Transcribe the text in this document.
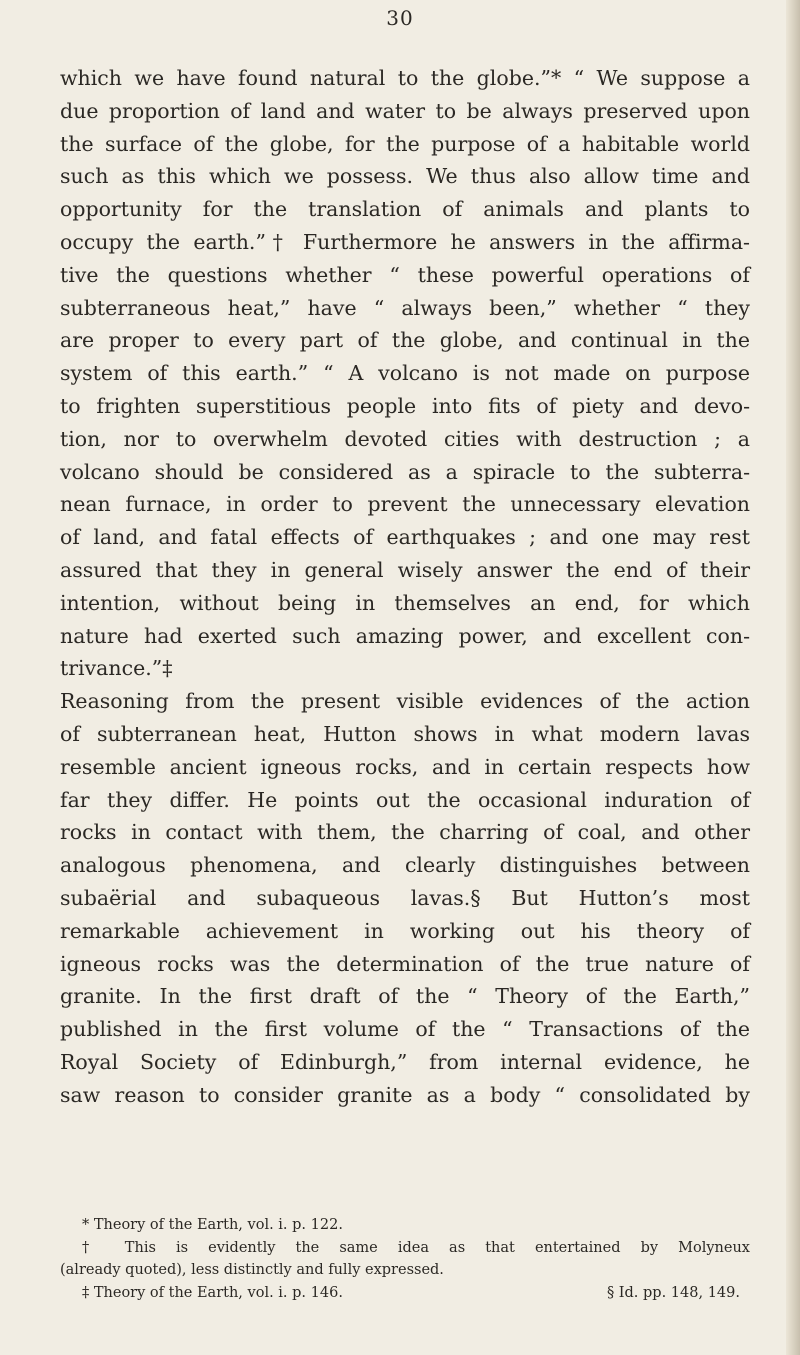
30
which we have found natural to the globe.”* “ We suppose a
due proportion of land and water to be always preserved upon
the surface of the globe, for the purpose of a habitable world
such as this which we possess. We thus also allow time and
opportunity for the translation of animals and plants to
occupy the earth.”† Furthermore he answers in the affirma-
tive the questions whether “ these powerful operations of
subterraneous heat,” have “ always been,” whether “ they
are proper to every part of the globe, and continual in the
system of this earth.” “ A volcano is not made on purpose
to frighten superstitious people into fits of piety and devo-
tion, nor to overwhelm devoted cities with destruction ; a
volcano should be considered as a spiracle to the subterra-
nean furnace, in order to prevent the unnecessary elevation
of land, and fatal effects of earthquakes ; and one may rest
assured that they in general wisely answer the end of their
intention, without being in themselves an end, for which
nature had exerted such amazing power, and excellent con-
trivance.”‡
Reasoning from the present visible evidences of the action
of subterranean heat, Hutton shows in what modern lavas
resemble ancient igneous rocks, and in certain respects how
far they differ. He points out the occasional induration of
rocks in contact with them, the charring of coal, and other
analogous phenomena, and clearly distinguishes between
subaërial and subaqueous lavas.§ But Hutton’s most
remarkable achievement in working out his theory of
igneous rocks was the determination of the true nature of
granite. In the first draft of the “ Theory of the Earth,”
published in the first volume of the “ Transactions of the
Royal Society of Edinburgh,” from internal evidence, he
saw reason to consider granite as a body “ consolidated by
* Theory of the Earth, vol. i. p. 122.
† This is evidently the same idea as that entertained by Molyneux
(already quoted), less distinctly and fully expressed.
‡ Theory of the Earth, vol. i. p. 146.	§ Id. pp. 148, 149.
